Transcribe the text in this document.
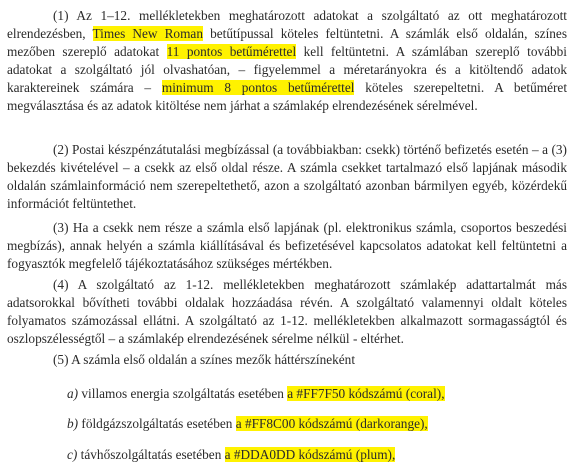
(1) Az 1–12. mellékletekben meghatározott adatokat a szolgáltató az ott meghatározott elrendezésben, Times New Roman betűtípussal köteles feltüntetni. A számlák első oldalán, színes mezőben szereplő adatokat 11 pontos betűmérettel kell feltüntetni. A számlában szereplő további adatokat a szolgáltató jól olvashatóan, – figyelemmel a méretarányokra és a kitöltendő adatok karaktereinek számára – minimum 8 pontos betűmérettel köteles szerepeltetni. A betűméret megválasztása és az adatok kitöltése nem járhat a számlakép elrendezésének sérelmével.

(2) Postai készpénzátutalási megbízással (a továbbiakban: csekk) történő befizetés esetén – a (3) bekezdés kivételével – a csekk az első oldal része. A számla csekket tartalmazó első lapjának második oldalán számlainformáció nem szerepeltethető, azon a szolgáltató azonban bármilyen egyéb, közérdekű információt feltüntethet.

(3) Ha a csekk nem része a számla első lapjának (pl. elektronikus számla, csoportos beszedési megbízás), annak helyén a számla kiállításával és befizetésével kapcsolatos adatokat kell feltüntetni a fogyasztók megfelelő tájékoztatásához szükséges mértékben.

(4) A szolgáltató az 1-12. mellékletekben meghatározott számlakép adattartalmát más adatsorokkal bővítheti további oldalak hozzáadása révén. A szolgáltató valamennyi oldalt köteles folyamatos számozással ellátni. A szolgáltató az 1-12. mellékletekben alkalmazott sormagasságtól és oszlopszélességtől – a számlakép elrendezésének sérelme nélkül - eltérhet.

(5) A számla első oldalán a színes mezők háttérszíneként

a) villamos energia szolgáltatás esetében a #FF7F50 kódszámú (coral),
b) földgázszolgáltatás esetében a #FF8C00 kódszámú (darkorange),
c) távhőszolgáltatás esetében a #DDA0DD kódszámú (plum),
